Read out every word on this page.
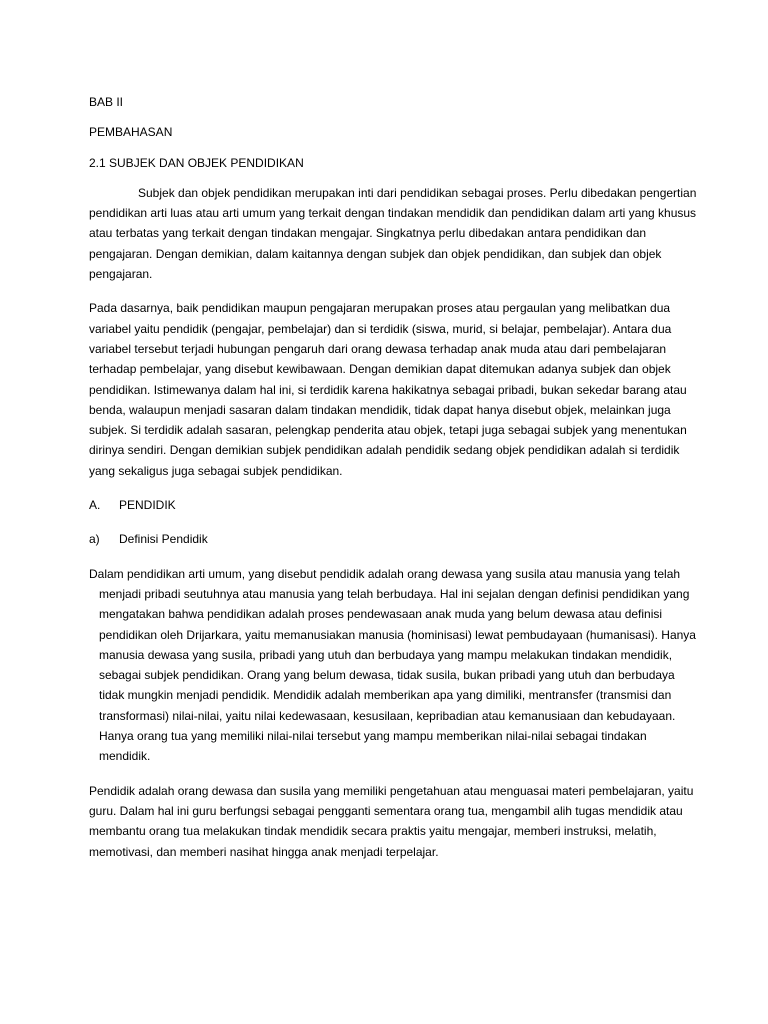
BAB II

PEMBAHASAN

2.1 SUBJEK DAN OBJEK PENDIDIKAN

Subjek dan objek pendidikan merupakan inti dari pendidikan sebagai proses. Perlu dibedakan pengertian pendidikan arti luas atau arti umum yang terkait dengan tindakan mendidik dan pendidikan dalam arti yang khusus atau terbatas yang terkait dengan tindakan mengajar. Singkatnya perlu dibedakan antara pendidikan dan pengajaran. Dengan demikian, dalam kaitannya dengan subjek dan objek pendidikan, dan subjek dan objek pengajaran.

Pada dasarnya, baik pendidikan maupun pengajaran merupakan proses atau pergaulan yang melibatkan dua variabel yaitu pendidik (pengajar, pembelajar) dan si terdidik (siswa, murid, si belajar, pembelajar). Antara dua variabel tersebut terjadi hubungan pengaruh dari orang dewasa terhadap anak muda atau dari pembelajaran terhadap pembelajar, yang disebut kewibawaan. Dengan demikian dapat ditemukan adanya subjek dan objek pendidikan. Istimewanya dalam hal ini, si terdidik karena hakikatnya sebagai pribadi, bukan sekedar barang atau benda, walaupun menjadi sasaran dalam tindakan mendidik, tidak dapat hanya disebut objek, melainkan juga subjek. Si terdidik adalah sasaran, pelengkap penderita atau objek, tetapi juga sebagai subjek yang menentukan dirinya sendiri. Dengan demikian subjek pendidikan adalah pendidik sedang objek pendidikan adalah si terdidik yang sekaligus juga sebagai subjek pendidikan.

A.	PENDIDIK
a)	Definisi Pendidik

Dalam pendidikan arti umum, yang disebut pendidik adalah orang dewasa yang susila atau manusia yang telah menjadi pribadi seutuhnya atau manusia yang telah berbudaya. Hal ini sejalan dengan definisi pendidikan yang mengatakan bahwa pendidikan adalah proses pendewasaan anak muda yang belum dewasa atau definisi pendidikan oleh Drijarkara, yaitu memanusiakan manusia (hominisasi) lewat pembudayaan (humanisasi). Hanya manusia dewasa yang susila, pribadi yang utuh dan berbudaya yang mampu melakukan tindakan mendidik, sebagai subjek pendidikan. Orang yang belum dewasa, tidak susila, bukan pribadi yang utuh dan berbudaya tidak mungkin menjadi pendidik. Mendidik adalah memberikan apa yang dimiliki, mentransfer (transmisi dan transformasi) nilai-nilai, yaitu nilai kedewasaan, kesusilaan, kepribadian atau kemanusiaan dan kebudayaan. Hanya orang tua yang memiliki nilai-nilai tersebut yang mampu memberikan nilai-nilai sebagai tindakan mendidik.

Pendidik adalah orang dewasa dan susila yang memiliki pengetahuan atau menguasai materi pembelajaran, yaitu guru. Dalam hal ini guru berfungsi sebagai pengganti sementara orang tua, mengambil alih tugas mendidik atau membantu orang tua melakukan tindak mendidik secara praktis yaitu mengajar, memberi instruksi, melatih, memotivasi, dan memberi nasihat hingga anak menjadi terpelajar.
